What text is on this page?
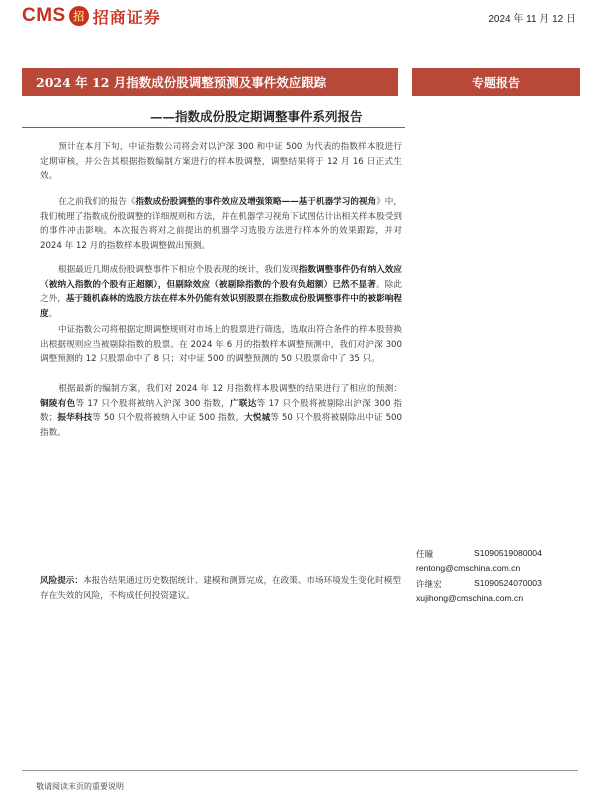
CMS 招 招商证券	2024 年 11 月 12 日
2024 年 12 月指数成份股调整预测及事件效应跟踪	专题报告
——指数成份股定期调整事件系列报告
预计在本月下旬，中证指数公司将会对以沪深 300 和中证 500 为代表的指数样本股进行定期审核，并公告其根据指数编制方案进行的样本股调整，调整结果将于 12 月 16 日正式生效。
在之前我们的报告《指数成份股调整的事件效应及增强策略——基于机器学习的视角》中，我们梳理了指数成份股调整的详细规则和方法，并在机器学习视角下试图估计出相关样本股受到的事件冲击影响。本次报告将对之前提出的机器学习选股方法进行样本外的效果跟踪，并对 2024 年 12 月的指数样本股调整做出预测。
根据最近几期成份股调整事件下相应个股表现的统计，我们发现指数调整事件仍有纳入效应（被纳入指数的个股有正超额），但剔除效应（被剔除指数的个股有负超额）已然不显著。除此之外，基于随机森林的选股方法在样本外仍能有效识别股票在指数成份股调整事件中的被影响程度。
中证指数公司将根据定期调整规则对市场上的股票进行筛选，选取出符合条件的样本股替换出根据规则应当被剔除指数的股票。在 2024 年 6 月的指数样本调整预测中，我们对沪深 300 调整预测的 12 只股票命中了 8 只；对中证 500 的调整预测的 50 只股票命中了 35 只。
根据最新的编制方案，我们对 2024 年 12 月指数样本股调整的结果进行了相应的预测：铜陵有色等 17 只个股将被纳入沪深 300 指数，广联达等 17 只个股将被剔除出沪深 300 指数；振华科技等 50 只个股将被纳入中证 500 指数，大悦城等 50 只个股将被剔除出中证 500 指数。
任瞳	S1090519080004
rentong@cmschina.com.cn
许继宏	S1090524070003
xujihong@cmschina.com.cn
风险提示：本报告结果通过历史数据统计、建模和测算完成，在政策、市场环境发生变化时模型存在失效的风险，不构成任何投资建议。
敬请阅读末页的重要说明
